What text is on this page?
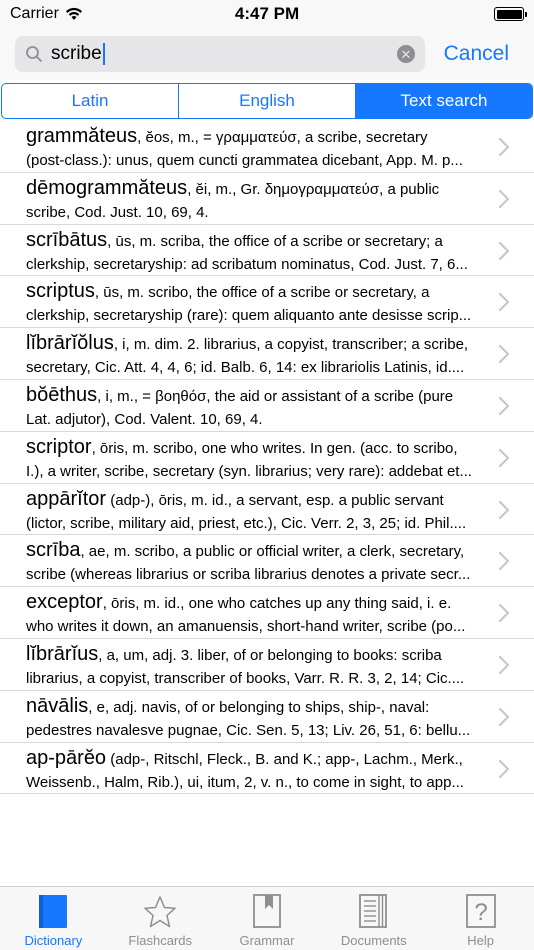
Carrier	4:47 PM
scribe	✕ Cancel
Latin	English	Text search
grammăteus, ĕos, m., = γραμματεύσ, a scribe, secretary
(post-class.): unus, quem cuncti grammatea dicebant, App. M. p...
dēmogrammăteus, ĕi, m., Gr. δημογραμματεύσ, a public
scribe, Cod. Just. 10, 69, 4.
scrībātus, ūs, m. scriba, the office of a scribe or secretary; a
clerkship, secretaryship: ad scribatum nominatus, Cod. Just. 7, 6...
scriptus, ūs, m. scribo, the office of a scribe or secretary, a
clerkship, secretaryship (rare): quem aliquanto ante desisse scrip...
lĭbrārĭŏlus, i, m. dim. 2. librarius, a copyist, transcriber; a scribe,
secretary, Cic. Att. 4, 4, 6; id. Balb. 6, 14: ex librariolis Latinis, id....
bŏēthus, i, m., = βοηθόσ, the aid or assistant of a scribe (pure
Lat. adjutor), Cod. Valent. 10, 69, 4.
scriptor, ōris, m. scribo, one who writes. In gen. (acc. to scribo,
I.), a writer, scribe, secretary (syn. librarius; very rare): addebat et...
appārĭtor (adp-), ōris, m. id., a servant, esp. a public servant
(lictor, scribe, military aid, priest, etc.), Cic. Verr. 2, 3, 25; id. Phil....
scrība, ae, m. scribo, a public or official writer, a clerk, secretary,
scribe (whereas librarius or scriba librarius denotes a private secr...
exceptor, ōris, m. id., one who catches up any thing said, i. e.
who writes it down, an amanuensis, short-hand writer, scribe (po...
lĭbrārĭus, a, um, adj. 3. liber, of or belonging to books: scriba
librarius, a copyist, transcriber of books, Varr. R. R. 3, 2, 14; Cic....
nāvālis, e, adj. navis, of or belonging to ships, ship-, naval:
pedestres navalesve pugnae, Cic. Sen. 5, 13; Liv. 26, 51, 6: bellu...
ap-pārĕo (adp-, Ritschl, Fleck., B. and K.; app-, Lachm., Merk.,
Weissenb., Halm, Rib.), ui, itum, 2, v. n., to come in sight, to app...
Dictionary	Flashcards	Grammar	Documents
?
Help
